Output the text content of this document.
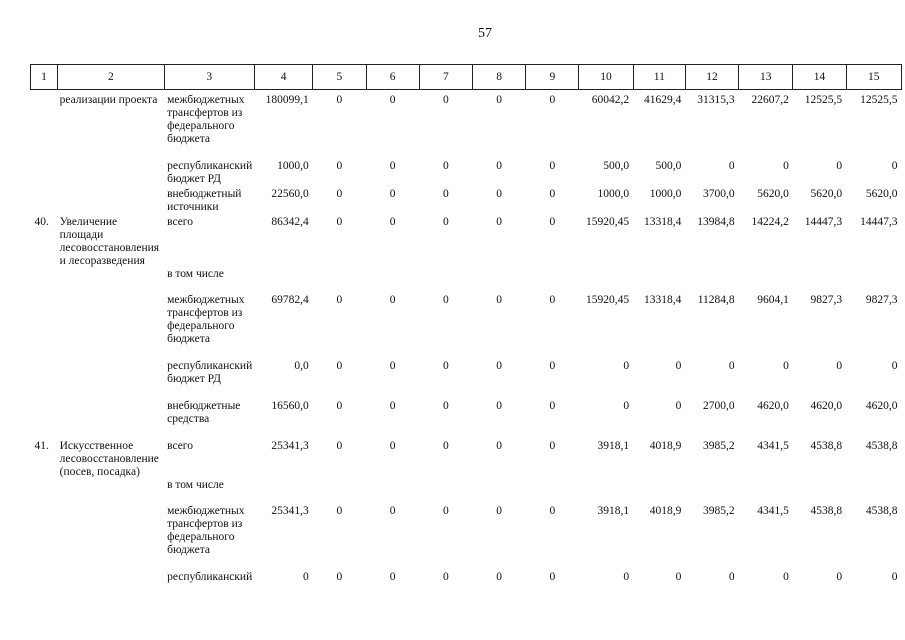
57
1	2	3	4	5	6	7	8	9	10	11	12	13	14	15
	реализации проекта	межбюджетных трансфертов из федерального бюджета	180099,1	0	0	0	0	0	60042,2	41629,4	31315,3	22607,2	12525,5	12525,5
		республиканский бюджет РД	1000,0	0	0	0	0	0	500,0	500,0	0	0	0	0
		внебюджетный источники	22560,0	0	0	0	0	0	1000,0	1000,0	3700,0	5620,0	5620,0	5620,0
40.	Увеличение площади лесовосстановления и лесоразведения	всего	86342,4	0	0	0	0	0	15920,45	13318,4	13984,8	14224,2	14447,3	14447,3
		в том числе												
		межбюджетных трансфертов из федерального бюджета	69782,4	0	0	0	0	0	15920,45	13318,4	11284,8	9604,1	9827,3	9827,3
		республиканский бюджет РД	0,0	0	0	0	0	0	0	0	0	0	0	0
		внебюджетные средства	16560,0	0	0	0	0	0	0	0	2700,0	4620,0	4620,0	4620,0
41.	Искусственное лесовосстановление (посев, посадка)	всего	25341,3	0	0	0	0	0	3918,1	4018,9	3985,2	4341,5	4538,8	4538,8
		в том числе												
		межбюджетных трансфертов из федерального бюджета	25341,3	0	0	0	0	0	3918,1	4018,9	3985,2	4341,5	4538,8	4538,8
		республиканский	0	0	0	0	0	0	0	0	0	0	0	0
